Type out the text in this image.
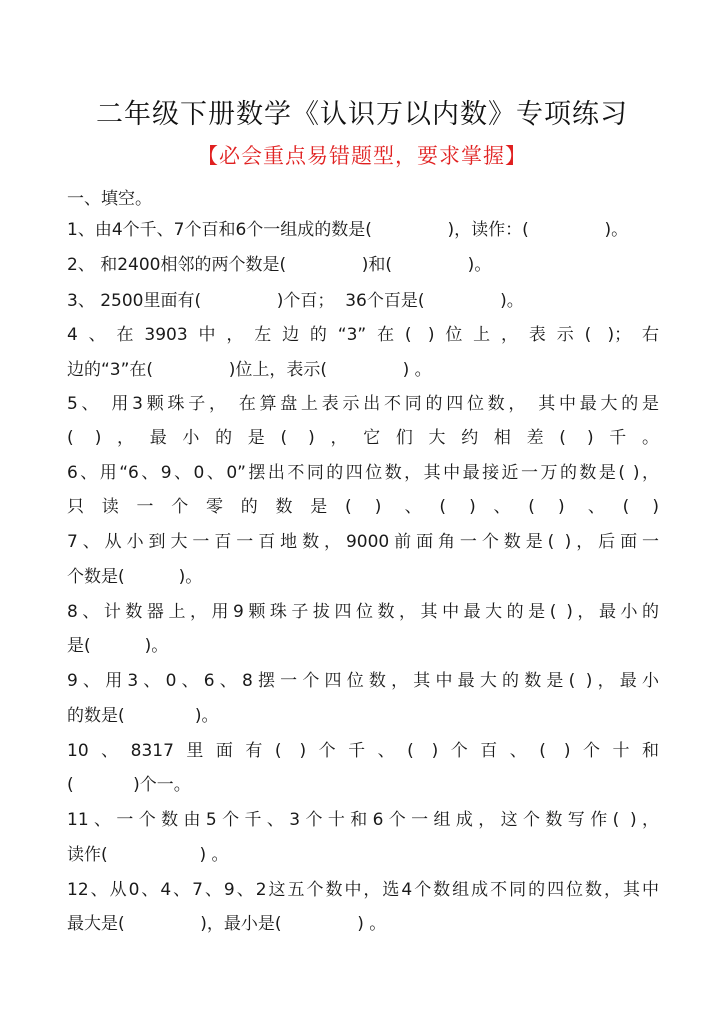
二年级下册数学《认识万以内数》专项练习
【必会重点易错题型，要求掌握】
一、填空。
1、由4个千、7个百和6个一组成的数是(              )，读作：(              )。
2、 和2400相邻的两个数是(              )和(              )。
3、 2500里面有(              )个百；  36个百是(              )。
4、在3903中，左边的“3”在( )位上，表示( )；右
边的“3”在(              )位上，表示(              ) 。
5、 用3颗珠子， 在算盘上表示出不同的四位数， 其中最大的是
( )，最小的是( )，它们大约相差( )千。
6、用“6、9、0、0”摆出不同的四位数，其中最接近一万的数是( )，
只读一个零的数是( ) 、( )、( ) 、( )
7、从小到大一百一百地数，9000前面角一个数是( )，后面一
个数是(          )。
8、计数器上，用9颗珠子拔四位数，其中最大的是( )，最小的
是(          )。
9、用3、0、6、8摆一个四位数，其中最大的数是( )，最小
的数是(             )。
10、8317里面有( )个千、( )个百、( )个十和
(           )个一。
11、一个数由5个千、3个十和6个一组成，这个数写作( )，
读作(                 ) 。
12、从0、4、7、9、2这五个数中，选4个数组成不同的四位数，其中
最大是(              )，最小是(              ) 。
